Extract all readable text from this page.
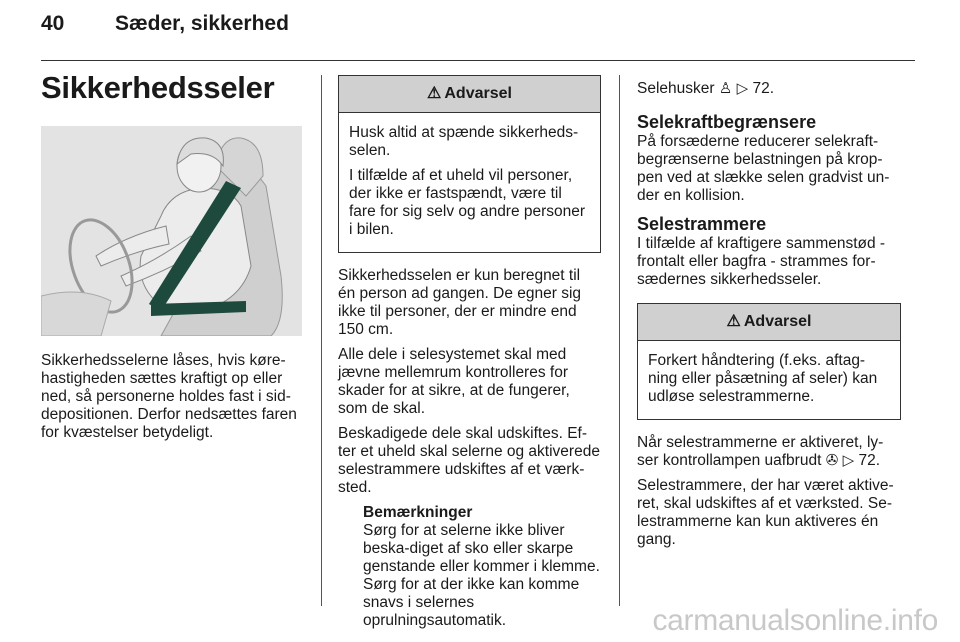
40 Sæder, sikkerhed
Sikkerhedsseler

Sikkerhedsselerne låses, hvis køre-hastigheden sættes kraftigt op eller ned, så personerne holdes fast i sid-depositionen. Derfor nedsættes faren for kvæstelser betydeligt.

⚠ Advarsel

Husk altid at spænde sikkerheds-selen.

I tilfælde af et uheld vil personer, der ikke er fastspændt, være til fare for sig selv og andre personer i bilen.

Sikkerhedsselen er kun beregnet til én person ad gangen. De egner sig ikke til personer, der er mindre end 150 cm.

Alle dele i selesystemet skal med jævne mellemrum kontrolleres for skader for at sikre, at de fungerer, som de skal.

Beskadigede dele skal udskiftes. Ef-ter et uheld skal selerne og aktiverede selestrammere udskiftes af et værk-sted.

Bemærkninger
Sørg for at selerne ikke bliver beska-diget af sko eller skarpe genstande eller kommer i klemme. Sørg for at der ikke kan komme snavs i selernes oprulningsautomatik.

Selehusker ♙ ▷ 72.

Selekraftbegrænsere
På forsæderne reducerer selekraft-begrænserne belastningen på krop-pen ved at slække selen gradvist un-der en kollision.
Selestrammere
I tilfælde af kraftigere sammenstød - frontalt eller bagfra - strammes for-sædernes sikkerhedsseler.
⚠ Advarsel

Forkert håndtering (f.eks. aftag-ning eller påsætning af seler) kan udløse selestrammerne.

Når selestrammerne er aktiveret, ly-ser kontrollampen uafbrudt ✇ ▷ 72.

Selestrammere, der har været aktive-ret, skal udskiftes af et værksted. Se-lestrammerne kan kun aktiveres én gang.

carmanualsonline.info
